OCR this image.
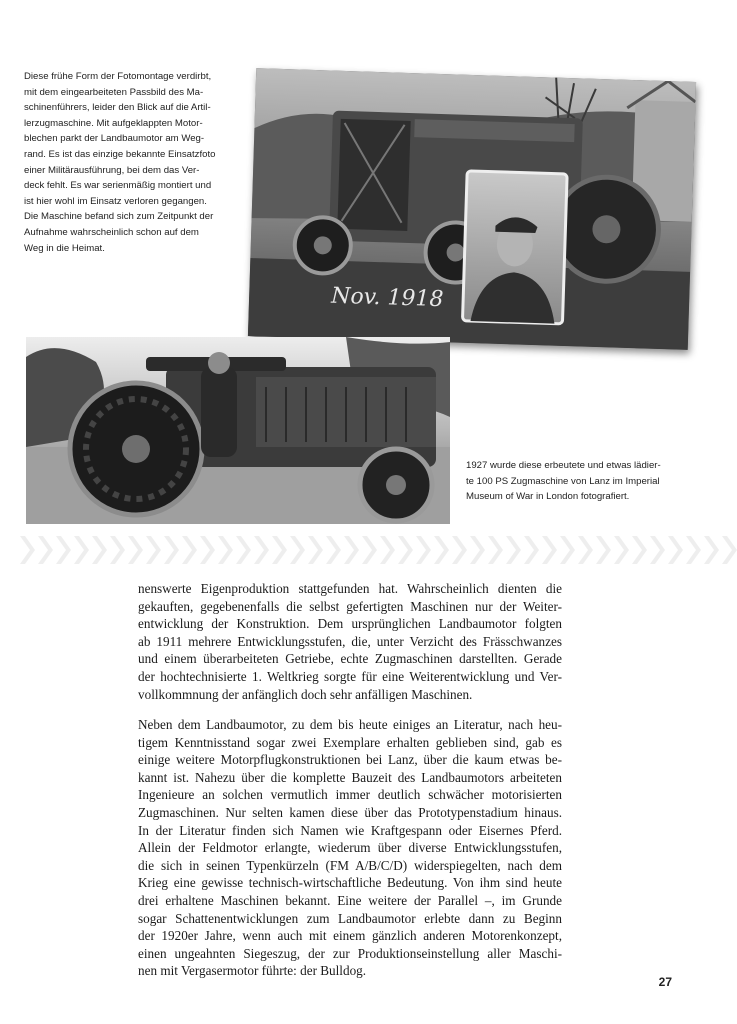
Diese frühe Form der Fotomontage verdirbt,
mit dem eingearbeiteten Passbild des Ma-
schinenführers, leider den Blick auf die Artil-
lerzugmaschine. Mit aufgeklappten Motor-
blechen parkt der Landbaumotor am Weg-
rand. Es ist das einzige bekannte Einsatzfoto
einer Militärausführung, bei dem das Ver-
deck fehlt. Es war serienmäßig montiert und
ist hier wohl im Einsatz verloren gegangen.
Die Maschine befand sich zum Zeitpunkt der
Aufnahme wahrscheinlich schon auf dem
Weg in die Heimat.
Nov. 1918
1927 wurde diese erbeutete und etwas lädier-
te 100 PS Zugmaschine von Lanz im Imperial
Museum of War in London fotografiert.
nenswerte Eigenproduktion stattgefunden hat. Wahrscheinlich dienten die
gekauften, gegebenenfalls die selbst gefertigten Maschinen nur der Weiter-
entwicklung der Konstruktion. Dem ursprünglichen Landbaumotor folgten
ab 1911 mehrere Entwicklungsstufen, die, unter Verzicht des Frässchwanzes
und einem überarbeiteten Getriebe, echte Zugmaschinen darstellten. Gerade
der hochtechnisierte 1. Weltkrieg sorgte für eine Weiterentwicklung und Ver-
vollkommnung der anfänglich doch sehr anfälligen Maschinen.
Neben dem Landbaumotor, zu dem bis heute einiges an Literatur, nach heu-
tigem Kenntnisstand sogar zwei Exemplare erhalten geblieben sind, gab es
einige weitere Motorpflugkonstruktionen bei Lanz, über die kaum etwas be-
kannt ist. Nahezu über die komplette Bauzeit des Landbaumotors arbeiteten
Ingenieure an solchen vermutlich immer deutlich schwächer motorisierten
Zugmaschinen. Nur selten kamen diese über das Prototypenstadium hinaus.
In der Literatur finden sich Namen wie Kraftgespann oder Eisernes Pferd.
Allein der Feldmotor erlangte, wiederum über diverse Entwicklungsstufen,
die sich in seinen Typenkürzeln (FM A/B/C/D) widerspiegelten, nach dem
Krieg eine gewisse technisch-wirtschaftliche Bedeutung. Von ihm sind heute
drei erhaltene Maschinen bekannt. Eine weitere der Parallel –, im Grunde
sogar Schattenentwicklungen zum Landbaumotor erlebte dann zu Beginn
der 1920er Jahre, wenn auch mit einem gänzlich anderen Motorenkonzept,
einen ungeahnten Siegeszug, der zur Produktionseinstellung aller Maschi-
nen mit Vergasermotor führte: der Bulldog.
27
